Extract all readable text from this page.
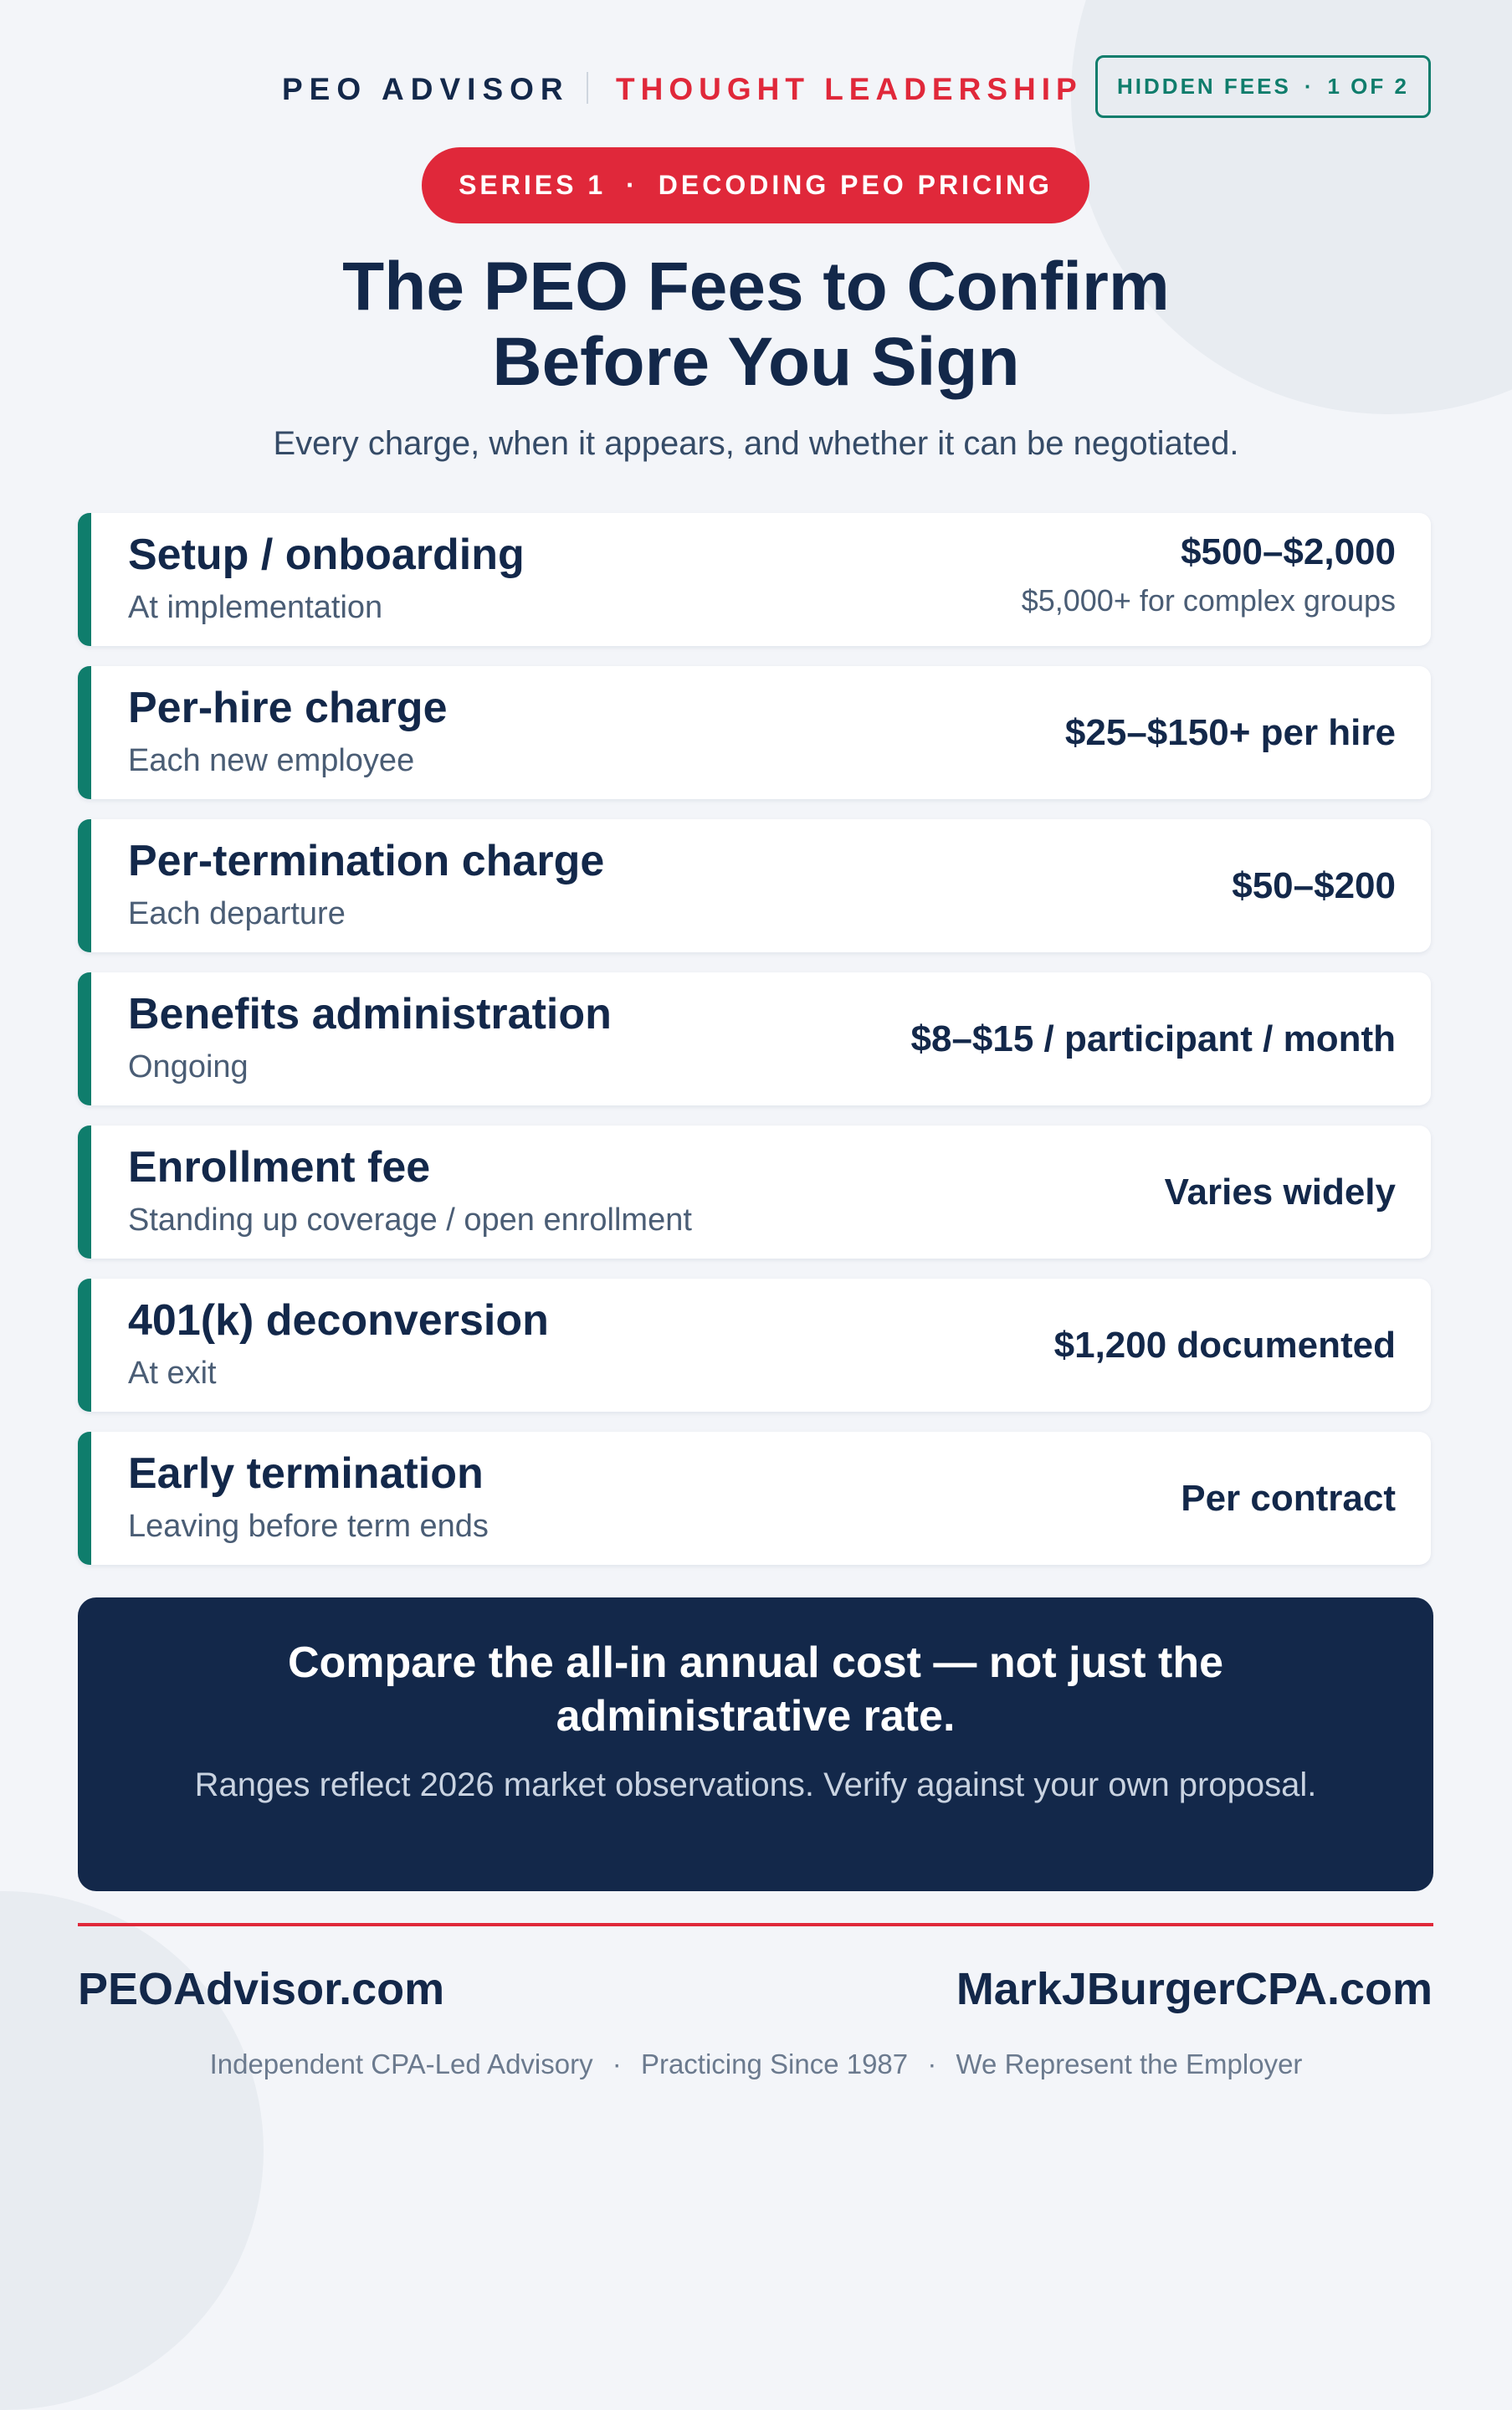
PEO ADVISOR THOUGHT LEADERSHIP HIDDEN FEES · 1 OF 2
SERIES 1 · DECODING PEO PRICING
The PEO Fees to Confirm
Before You Sign
Every charge, when it appears, and whether it can be negotiated.
Setup / onboarding
At implementation
$500–$2,000
$5,000+ for complex groups
Per-hire charge
Each new employee
$25–$150+ per hire
Per-termination charge
Each departure
$50–$200
Benefits administration
Ongoing
$8–$15 / participant / month
Enrollment fee
Standing up coverage / open enrollment
Varies widely
401(k) deconversion
At exit
$1,200 documented
Early termination
Leaving before term ends
Per contract
Compare the all-in annual cost — not just the administrative rate.
Ranges reflect 2026 market observations. Verify against your own proposal.
PEOAdvisor.com	MarkJBurgerCPA.com
Independent CPA-Led Advisory · Practicing Since 1987 · We Represent the Employer
